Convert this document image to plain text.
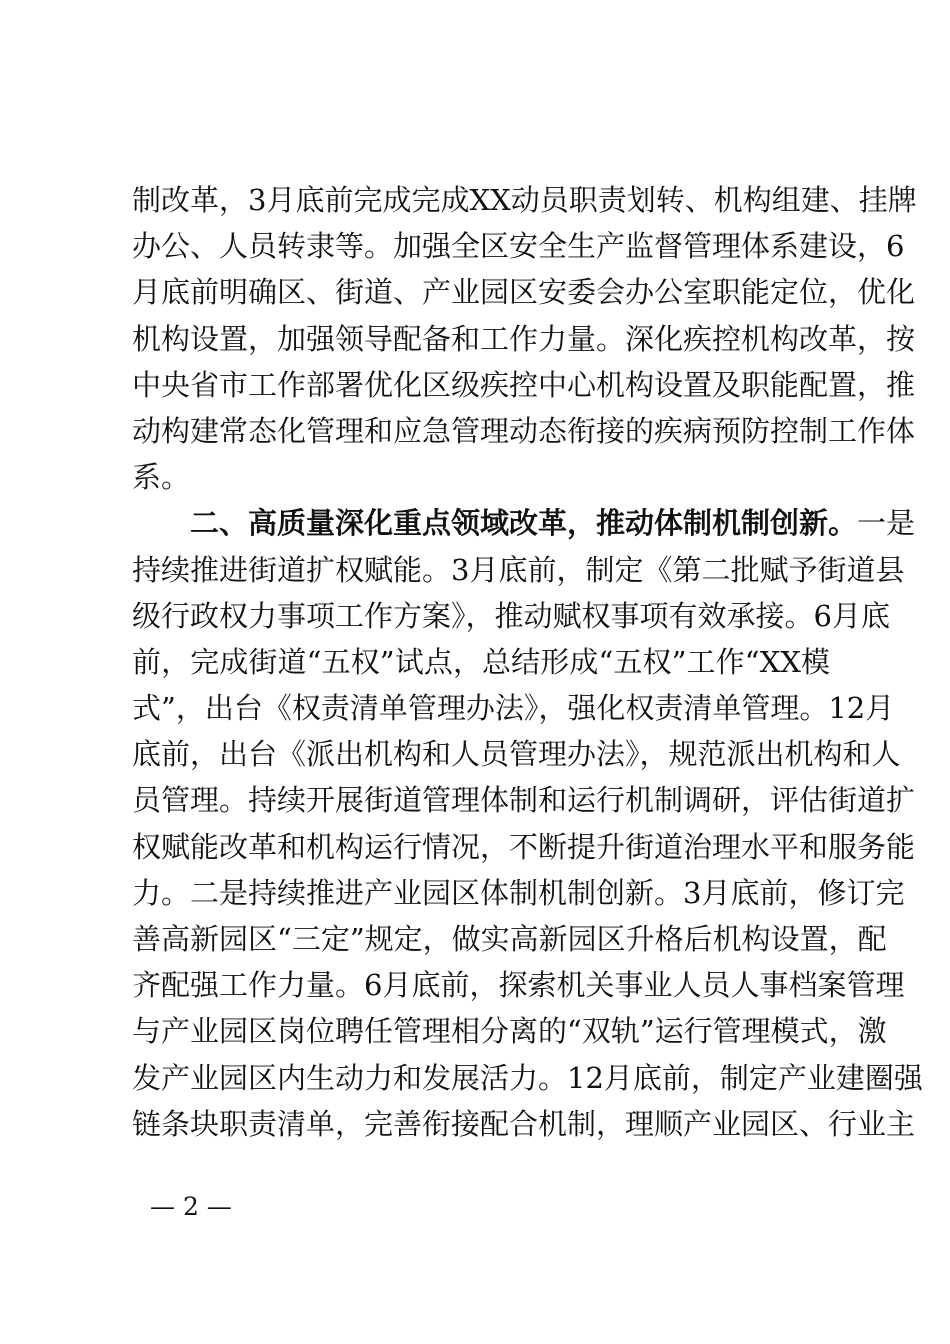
制改革，3月底前完成完成XX动员职责划转、机构组建、挂牌
办公、人员转隶等。加强全区安全生产监督管理体系建设，6
月底前明确区、街道、产业园区安委会办公室职能定位，优化
机构设置，加强领导配备和工作力量。深化疾控机构改革，按
中央省市工作部署优化区级疾控中心机构设置及职能配置，推
动构建常态化管理和应急管理动态衔接的疾病预防控制工作体
系。
二、高质量深化重点领域改革，推动体制机制创新。一是
持续推进街道扩权赋能。3月底前，制定《第二批赋予街道县
级行政权力事项工作方案》，推动赋权事项有效承接。6月底
前，完成街道“五权”试点，总结形成“五权”工作“XX模
式”，出台《权责清单管理办法》，强化权责清单管理。12月
底前，出台《派出机构和人员管理办法》，规范派出机构和人
员管理。持续开展街道管理体制和运行机制调研，评估街道扩
权赋能改革和机构运行情况，不断提升街道治理水平和服务能
力。二是持续推进产业园区体制机制创新。3月底前，修订完
善高新园区“三定”规定，做实高新园区升格后机构设置，配
齐配强工作力量。6月底前，探索机关事业人员人事档案管理
与产业园区岗位聘任管理相分离的“双轨”运行管理模式，激
发产业园区内生动力和发展活力。12月底前，制定产业建圈强
链条块职责清单，完善衔接配合机制，理顺产业园区、行业主
— 2 —
